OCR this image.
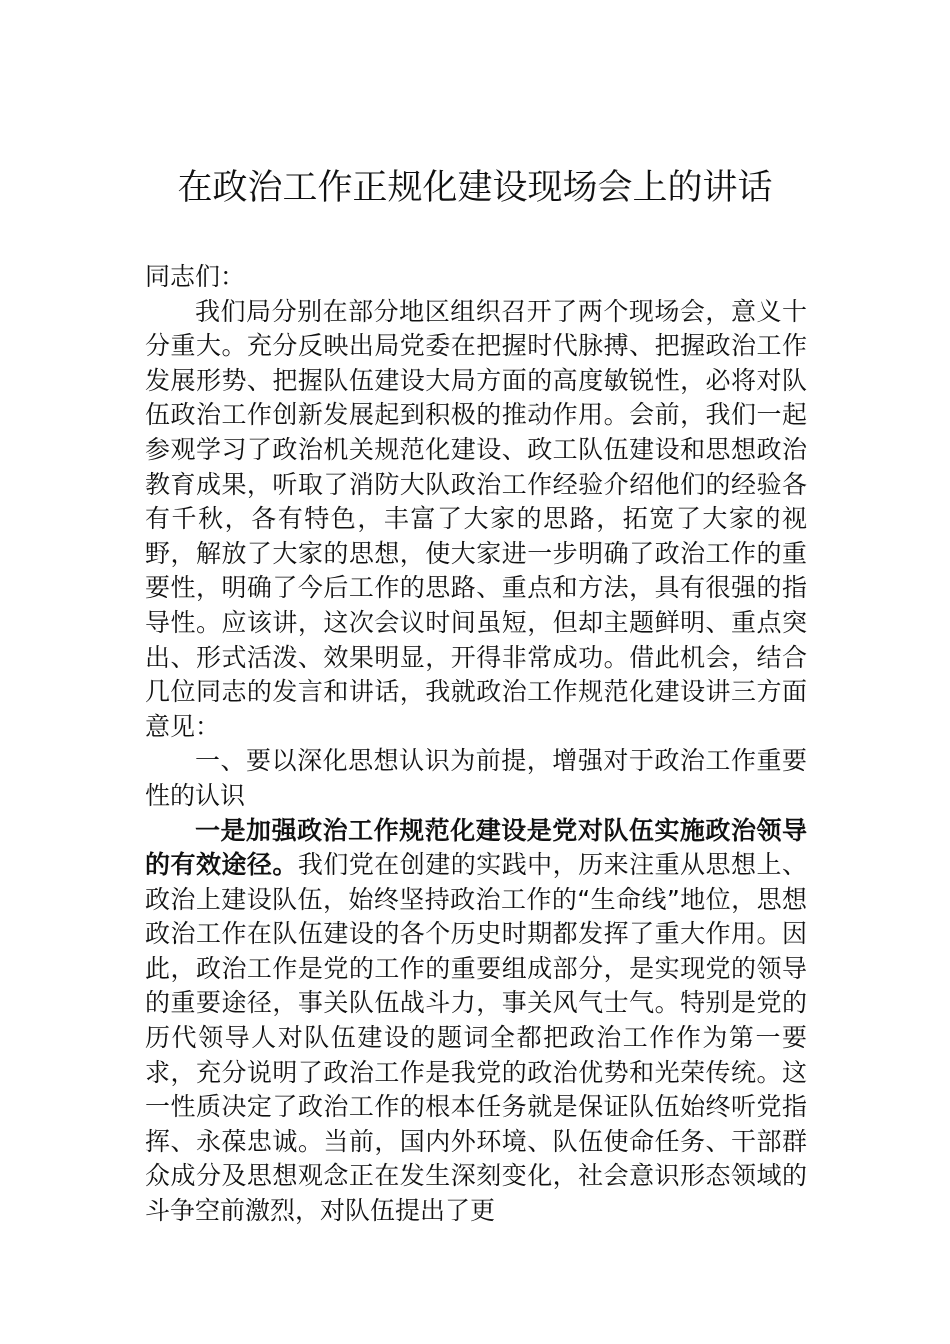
在政治工作正规化建设现场会上的讲话

同志们：

我们局分别在部分地区组织召开了两个现场会，意义十分重大。充分反映出局党委在把握时代脉搏、把握政治工作发展形势、把握队伍建设大局方面的高度敏锐性，必将对队伍政治工作创新发展起到积极的推动作用。会前，我们一起参观学习了政治机关规范化建设、政工队伍建设和思想政治教育成果，听取了消防大队政治工作经验介绍他们的经验各有千秋，各有特色，丰富了大家的思路，拓宽了大家的视野，解放了大家的思想，使大家进一步明确了政治工作的重要性，明确了今后工作的思路、重点和方法，具有很强的指导性。应该讲，这次会议时间虽短，但却主题鲜明、重点突出、形式活泼、效果明显，开得非常成功。借此机会，结合几位同志的发言和讲话，我就政治工作规范化建设讲三方面意见：

一、要以深化思想认识为前提，增强对于政治工作重要性的认识

一是加强政治工作规范化建设是党对队伍实施政治领导的有效途径。我们党在创建的实践中，历来注重从思想上、政治上建设队伍，始终坚持政治工作的“生命线”地位，思想政治工作在队伍建设的各个历史时期都发挥了重大作用。因此，政治工作是党的工作的重要组成部分，是实现党的领导的重要途径，事关队伍战斗力，事关风气士气。特别是党的历代领导人对队伍建设的题词全都把政治工作作为第一要求，充分说明了政治工作是我党的政治优势和光荣传统。这一性质决定了政治工作的根本任务就是保证队伍始终听党指挥、永葆忠诚。当前，国内外环境、队伍使命任务、干部群众成分及思想观念正在发生深刻变化，社会意识形态领域的斗争空前激烈，对队伍提出了更
